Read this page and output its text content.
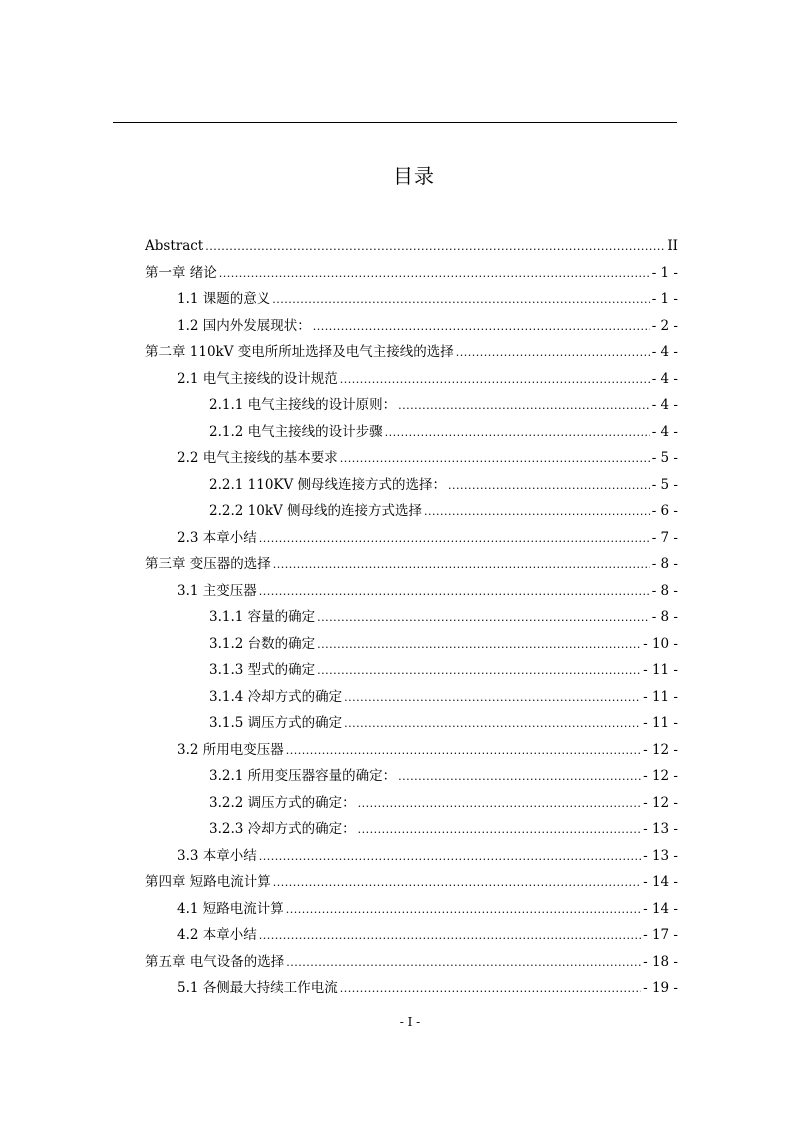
目录
Abstract .....	II
第一章 绪论 .....	- 1 -
1.1 课题的意义 .....	- 1 -
1.2 国内外发展现状： .....	- 2 -
第二章 110kV 变电所所址选择及电气主接线的选择 .....	- 4 -
2.1 电气主接线的设计规范 .....	- 4 -
2.1.1 电气主接线的设计原则： .....	- 4 -
2.1.2 电气主接线的设计步骤 .....	- 4 -
2.2 电气主接线的基本要求 .....	- 5 -
2.2.1 110KV 侧母线连接方式的选择： .....	- 5 -
2.2.2 10kV 侧母线的连接方式选择 .....	- 6 -
2.3 本章小结 .....	- 7 -
第三章 变压器的选择 .....	- 8 -
3.1 主变压器 .....	- 8 -
3.1.1 容量的确定 .....	- 8 -
3.1.2 台数的确定 .....	- 10 -
3.1.3 型式的确定 .....	- 11 -
3.1.4 冷却方式的确定 .....	- 11 -
3.1.5 调压方式的确定 .....	- 11 -
3.2 所用电变压器 .....	- 12 -
3.2.1 所用变压器容量的确定： .....	- 12 -
3.2.2 调压方式的确定： .....	- 12 -
3.2.3 冷却方式的确定： .....	- 13 -
3.3 本章小结 .....	- 13 -
第四章 短路电流计算 .....	- 14 -
4.1 短路电流计算 .....	- 14 -
4.2 本章小结 .....	- 17 -
第五章 电气设备的选择 .....	- 18 -
5.1 各侧最大持续工作电流 .....	- 19 -
- I -
